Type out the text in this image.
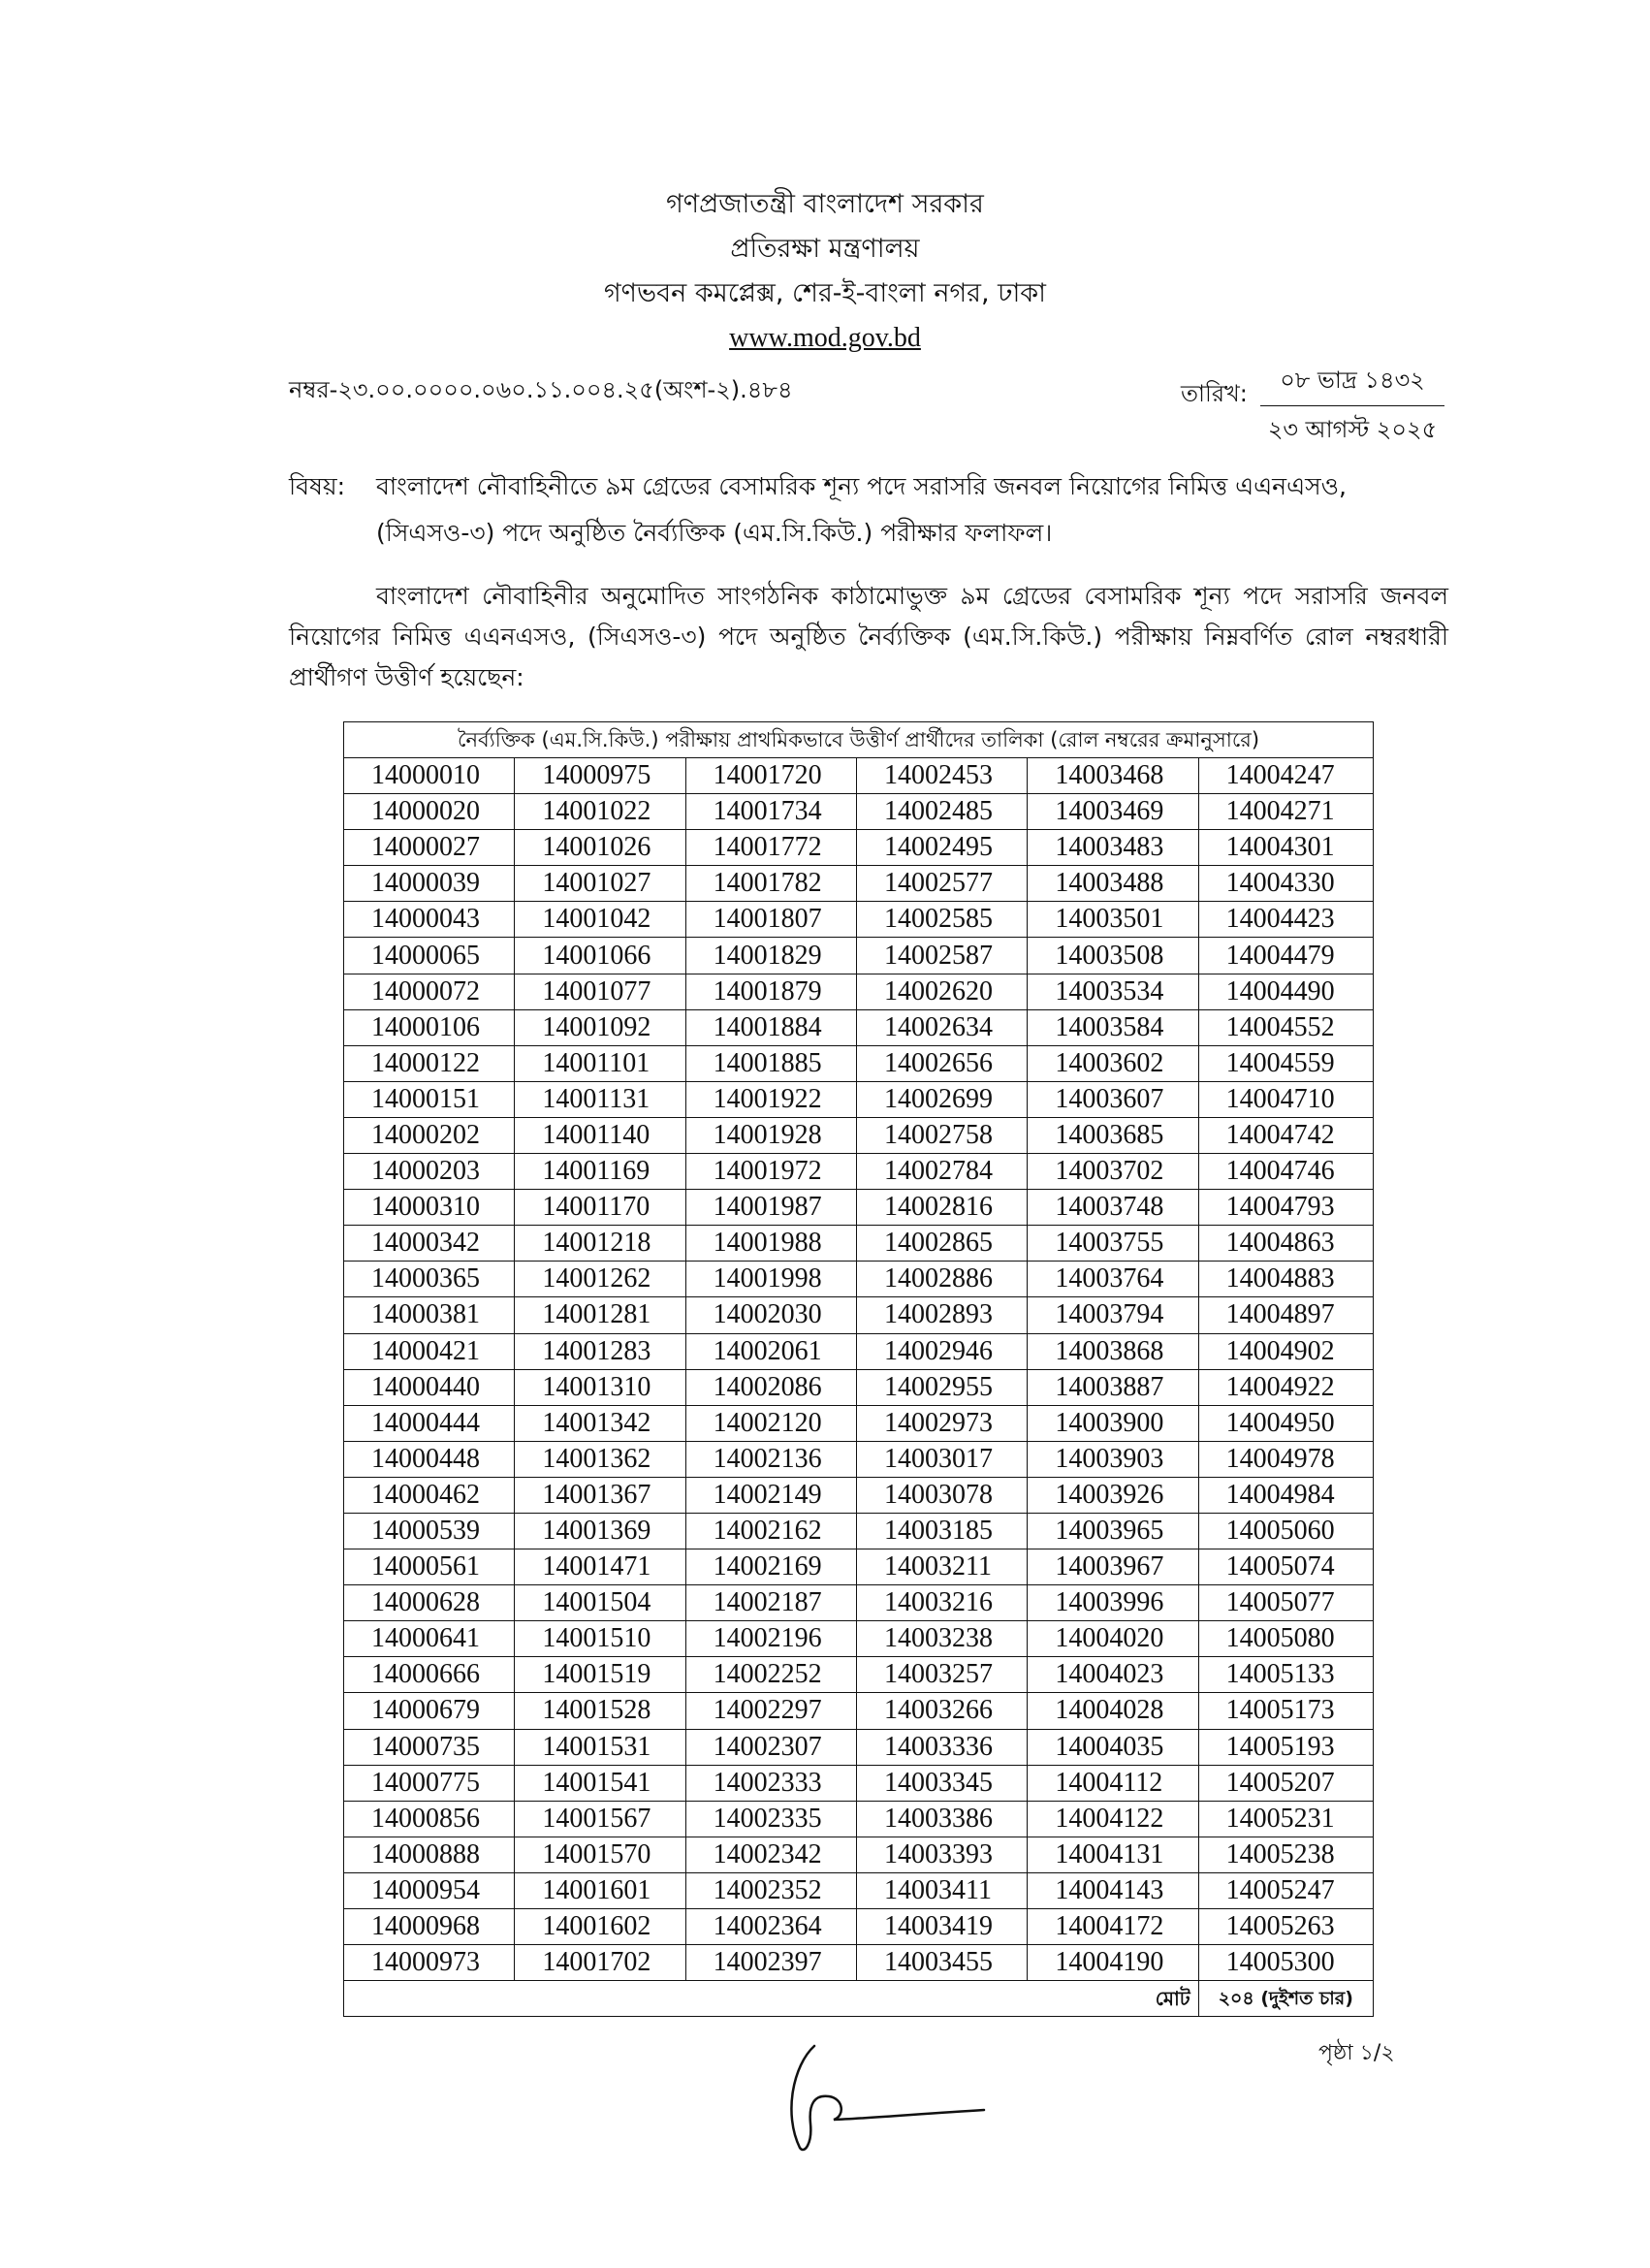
গণপ্রজাতন্ত্রী বাংলাদেশ সরকার
প্রতিরক্ষা মন্ত্রণালয়
গণভবন কমপ্লেক্স, শের-ই-বাংলা নগর, ঢাকা
www.mod.gov.bd
নম্বর-২৩.০০.০০০০.০৬০.১১.০০৪.২৫(অংশ-২).৪৮৪	তারিখ:	০৮ ভাদ্র ১৪৩২
২৩ আগস্ট ২০২৫
বিষয়: বাংলাদেশ নৌবাহিনীতে ৯ম গ্রেডের বেসামরিক শূন্য পদে সরাসরি জনবল নিয়োগের নিমিত্ত এএনএসও, (সিএসও-৩) পদে অনুষ্ঠিত নৈর্ব্যক্তিক (এম.সি.কিউ.) পরীক্ষার ফলাফল।
বাংলাদেশ নৌবাহিনীর অনুমোদিত সাংগঠনিক কাঠামোভুক্ত ৯ম গ্রেডের বেসামরিক শূন্য পদে সরাসরি জনবল নিয়োগের নিমিত্ত এএনএসও, (সিএসও-৩) পদে অনুষ্ঠিত নৈর্ব্যক্তিক (এম.সি.কিউ.) পরীক্ষায় নিম্নবর্ণিত রোল নম্বরধারী প্রার্থীগণ উত্তীর্ণ হয়েছেন:
নৈর্ব্যক্তিক (এম.সি.কিউ.) পরীক্ষায় প্রাথমিকভাবে উত্তীর্ণ প্রার্থীদের তালিকা (রোল নম্বরের ক্রমানুসারে)					
14000010	14000975	14001720	14002453	14003468	14004247
14000020	14001022	14001734	14002485	14003469	14004271
14000027	14001026	14001772	14002495	14003483	14004301
14000039	14001027	14001782	14002577	14003488	14004330
14000043	14001042	14001807	14002585	14003501	14004423
14000065	14001066	14001829	14002587	14003508	14004479
14000072	14001077	14001879	14002620	14003534	14004490
14000106	14001092	14001884	14002634	14003584	14004552
14000122	14001101	14001885	14002656	14003602	14004559
14000151	14001131	14001922	14002699	14003607	14004710
14000202	14001140	14001928	14002758	14003685	14004742
14000203	14001169	14001972	14002784	14003702	14004746
14000310	14001170	14001987	14002816	14003748	14004793
14000342	14001218	14001988	14002865	14003755	14004863
14000365	14001262	14001998	14002886	14003764	14004883
14000381	14001281	14002030	14002893	14003794	14004897
14000421	14001283	14002061	14002946	14003868	14004902
14000440	14001310	14002086	14002955	14003887	14004922
14000444	14001342	14002120	14002973	14003900	14004950
14000448	14001362	14002136	14003017	14003903	14004978
14000462	14001367	14002149	14003078	14003926	14004984
14000539	14001369	14002162	14003185	14003965	14005060
14000561	14001471	14002169	14003211	14003967	14005074
14000628	14001504	14002187	14003216	14003996	14005077
14000641	14001510	14002196	14003238	14004020	14005080
14000666	14001519	14002252	14003257	14004023	14005133
14000679	14001528	14002297	14003266	14004028	14005173
14000735	14001531	14002307	14003336	14004035	14005193
14000775	14001541	14002333	14003345	14004112	14005207
14000856	14001567	14002335	14003386	14004122	14005231
14000888	14001570	14002342	14003393	14004131	14005238
14000954	14001601	14002352	14003411	14004143	14005247
14000968	14001602	14002364	14003419	14004172	14005263
14000973	14001702	14002397	14003455	14004190	14005300
				মোট	২০৪ (দুইশত চার)
পৃষ্ঠা ১/২
